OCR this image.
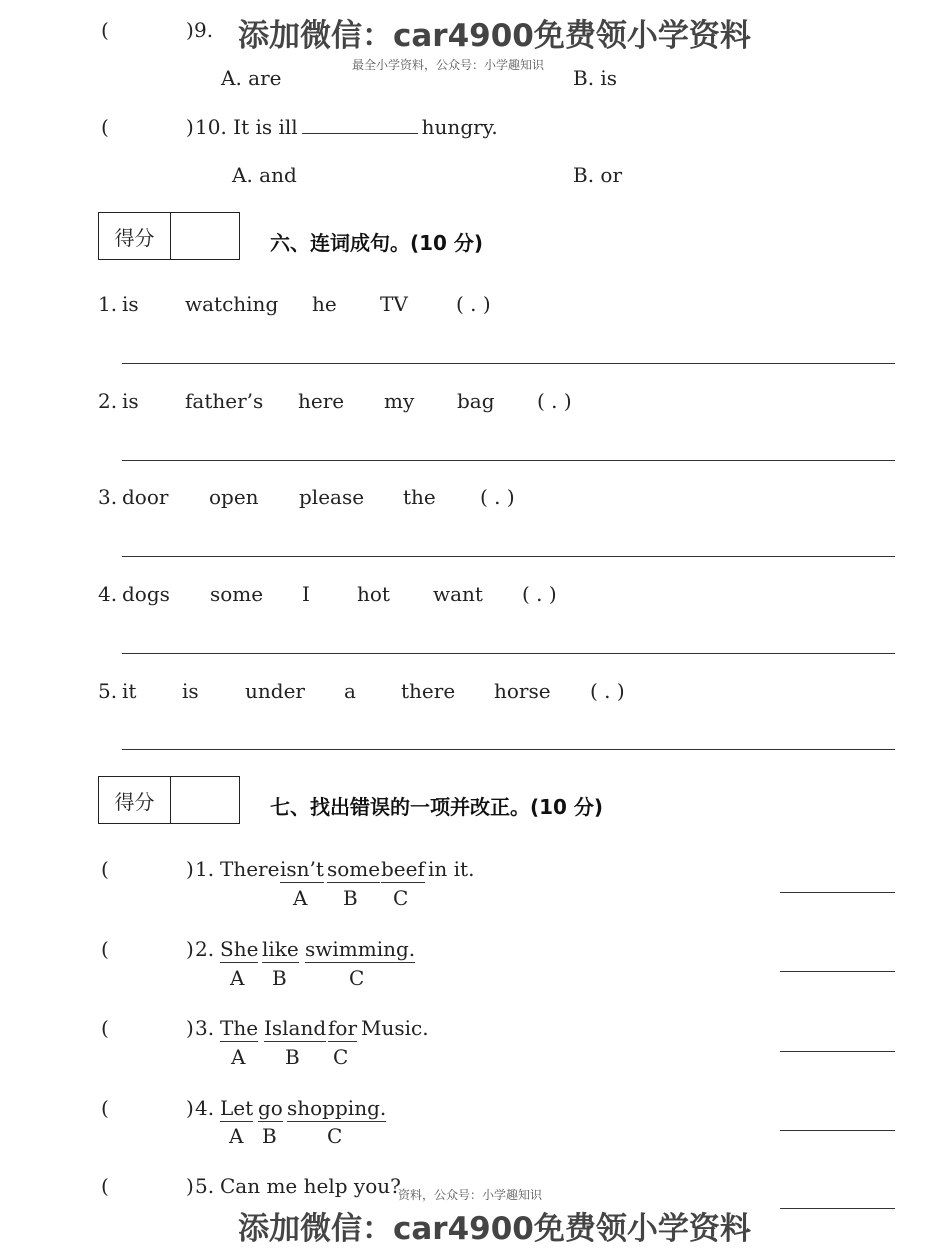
添加微信：car4900免费领小学资料
最全小学资料，公众号：小学趣知识
(	) 9.
A. are	B. is
(	) 10. It is ill	hungry.
A. and	B. or
得分	六、连词成句。(10 分)
1. is watching he TV ( . )
2. is father’s here my bag ( . )
3. door open please the ( . )
4. dogs some I hot want ( . )
5. it is under a there horse ( . )
得分	七、找出错误的一项并改正。(10 分)
(	) 1. There isn’t some beef in it.
A B C
(	) 2. She like swimming.
A B	C
(	) 3. The Island for Music.
A B C
(	) 4. Let go shopping.
A B	C
(	) 5. Can me help you?
资料，公众号：小学趣知识
添加微信：car4900免费领小学资料
